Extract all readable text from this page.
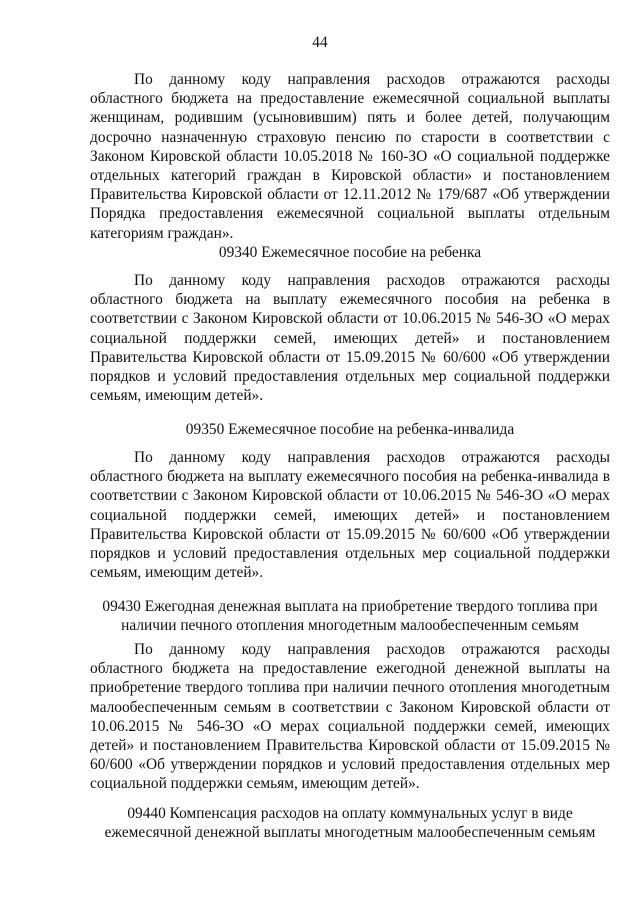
44

По данному коду направления расходов отражаются расходы областного бюджета на предоставление ежемесячной социальной выплаты женщинам, родившим (усыновившим) пять и более детей, получающим досрочно назначенную страховую пенсию по старости в соответствии с Законом Кировской области 10.05.2018 № 160-ЗО «О социальной поддержке отдельных категорий граждан в Кировской области» и постановлением Правительства Кировской области от 12.11.2012 № 179/687 «Об утверждении Порядка предоставления ежемесячной социальной выплаты отдельным категориям граждан».

09340 Ежемесячное пособие на ребенка

По данному коду направления расходов отражаются расходы областного бюджета на выплату ежемесячного пособия на ребенка в соответствии с Законом Кировской области от 10.06.2015 № 546-ЗО «О мерах социальной поддержки семей, имеющих детей» и постановлением Правительства Кировской области от 15.09.2015 № 60/600 «Об утверждении порядков и условий предоставления отдельных мер социальной поддержки семьям, имеющим детей».

09350 Ежемесячное пособие на ребенка-инвалида

По данному коду направления расходов отражаются расходы областного бюджета на выплату ежемесячного пособия на ребенка-инвалида в соответствии с Законом Кировской области от 10.06.2015 № 546-ЗО «О мерах социальной поддержки семей, имеющих детей» и постановлением Правительства Кировской области от 15.09.2015 № 60/600 «Об утверждении порядков и условий предоставления отдельных мер социальной поддержки семьям, имеющим детей».

09430 Ежегодная денежная выплата на приобретение твердого топлива при наличии печного отопления многодетным малообеспеченным семьям

По данному коду направления расходов отражаются расходы областного бюджета на предоставление ежегодной денежной выплаты на приобретение твердого топлива при наличии печного отопления многодетным малообеспеченным семьям в соответствии с Законом Кировской области от 10.06.2015 № 546-ЗО «О мерах социальной поддержки семей, имеющих детей» и постановлением Правительства Кировской области от 15.09.2015 № 60/600 «Об утверждении порядков и условий предоставления отдельных мер социальной поддержки семьям, имеющим детей».

09440 Компенсация расходов на оплату коммунальных услуг в виде ежемесячной денежной выплаты многодетным малообеспеченным семьям
